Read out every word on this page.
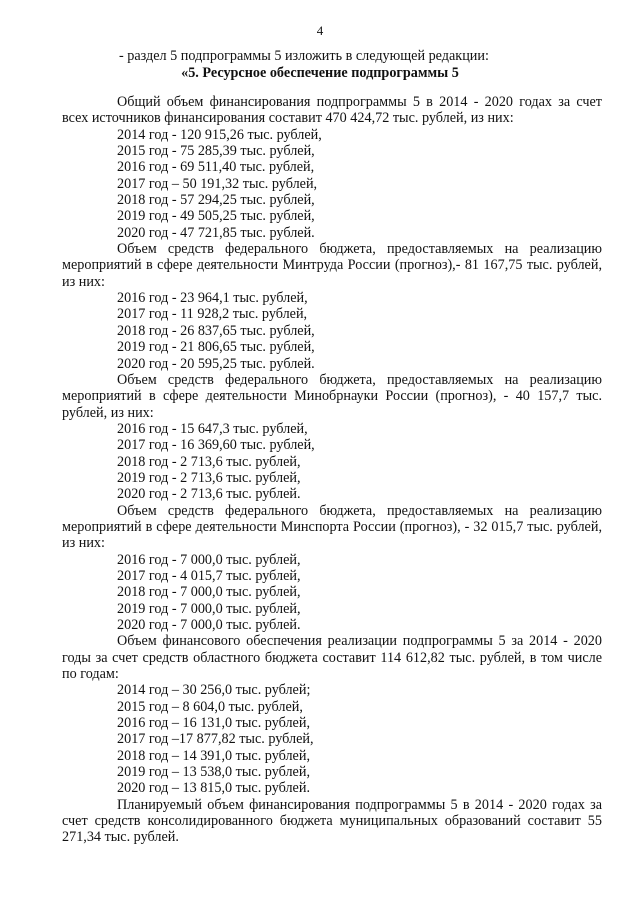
4
- раздел 5 подпрограммы 5 изложить в следующей редакции:
«5. Ресурсное обеспечение подпрограммы 5

Общий объем финансирования подпрограммы 5 в 2014 - 2020 годах за счет всех источников финансирования составит 470 424,72 тыс. рублей, из них:

2014 год - 120 915,26 тыс. рублей,
2015 год - 75 285,39 тыс. рублей,
2016 год - 69 511,40 тыс. рублей,
2017 год – 50 191,32 тыс. рублей,
2018 год - 57 294,25 тыс. рублей,
2019 год - 49 505,25 тыс. рублей,
2020 год - 47 721,85 тыс. рублей.

Объем средств федерального бюджета, предоставляемых на реализацию мероприятий в сфере деятельности Минтруда России (прогноз),- 81 167,75 тыс. рублей, из них:

2016 год - 23 964,1 тыс. рублей,
2017 год - 11 928,2 тыс. рублей,
2018 год - 26 837,65 тыс. рублей,
2019 год - 21 806,65 тыс. рублей,
2020 год - 20 595,25 тыс. рублей.

Объем средств федерального бюджета, предоставляемых на реализацию мероприятий в сфере деятельности Минобрнауки России (прогноз), - 40 157,7 тыс. рублей, из них:

2016 год - 15 647,3 тыс. рублей,
2017 год - 16 369,60 тыс. рублей,
2018 год - 2 713,6 тыс. рублей,
2019 год - 2 713,6 тыс. рублей,
2020 год - 2 713,6 тыс. рублей.

Объем средств федерального бюджета, предоставляемых на реализацию мероприятий в сфере деятельности Минспорта России (прогноз), - 32 015,7 тыс. рублей, из них:

2016 год - 7 000,0 тыс. рублей,
2017 год - 4 015,7 тыс. рублей,
2018 год - 7 000,0 тыс. рублей,
2019 год - 7 000,0 тыс. рублей,
2020 год - 7 000,0 тыс. рублей.

Объем финансового обеспечения реализации подпрограммы 5 за 2014 - 2020 годы за счет средств областного бюджета составит 114 612,82 тыс. рублей, в том числе по годам:

2014 год – 30 256,0 тыс. рублей;
2015 год – 8 604,0 тыс. рублей,
2016 год – 16 131,0 тыс. рублей,
2017 год –17 877,82 тыс. рублей,
2018 год – 14 391,0 тыс. рублей,
2019 год – 13 538,0 тыс. рублей,
2020 год – 13 815,0 тыс. рублей.

Планируемый объем финансирования подпрограммы 5 в 2014 - 2020 годах за счет средств консолидированного бюджета муниципальных образований составит 55 271,34 тыс. рублей.
